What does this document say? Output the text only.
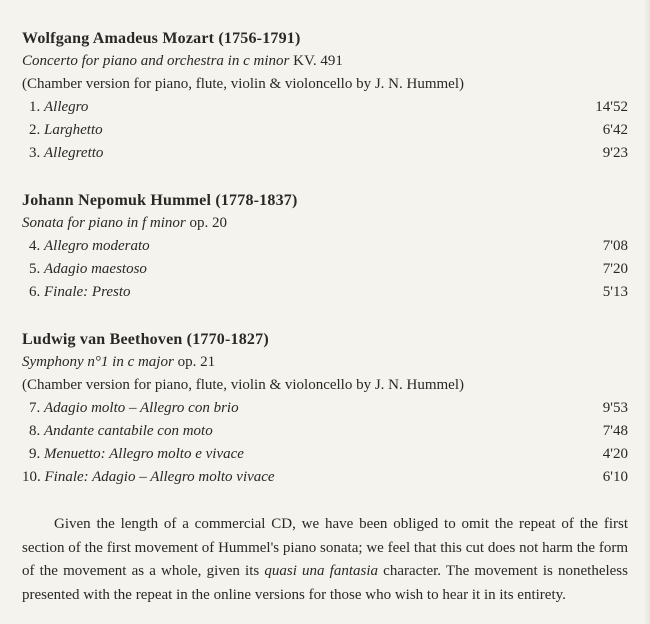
Wolfgang Amadeus Mozart (1756-1791)
Concerto for piano and orchestra in c minor KV. 491
(Chamber version for piano, flute, violin & violoncello by J. N. Hummel)
1. Allegro	14'52
2. Larghetto	6'42
3. Allegretto	9'23
Johann Nepomuk Hummel (1778-1837)
Sonata for piano in f minor op. 20
4. Allegro moderato	7'08
5. Adagio maestoso	7'20
6. Finale: Presto	5'13
Ludwig van Beethoven (1770-1827)
Symphony n°1 in c major op. 21
(Chamber version for piano, flute, violin & violoncello by J. N. Hummel)
7. Adagio molto – Allegro con brio	9'53
8. Andante cantabile con moto	7'48
9. Menuetto: Allegro molto e vivace	4'20
10. Finale: Adagio – Allegro molto vivace	6'10
Given the length of a commercial CD, we have been obliged to omit the repeat of the first section of the first movement of Hummel's piano sonata; we feel that this cut does not harm the form of the movement as a whole, given its quasi una fantasia character. The movement is nonetheless presented with the repeat in the online versions for those who wish to hear it in its entirety.
